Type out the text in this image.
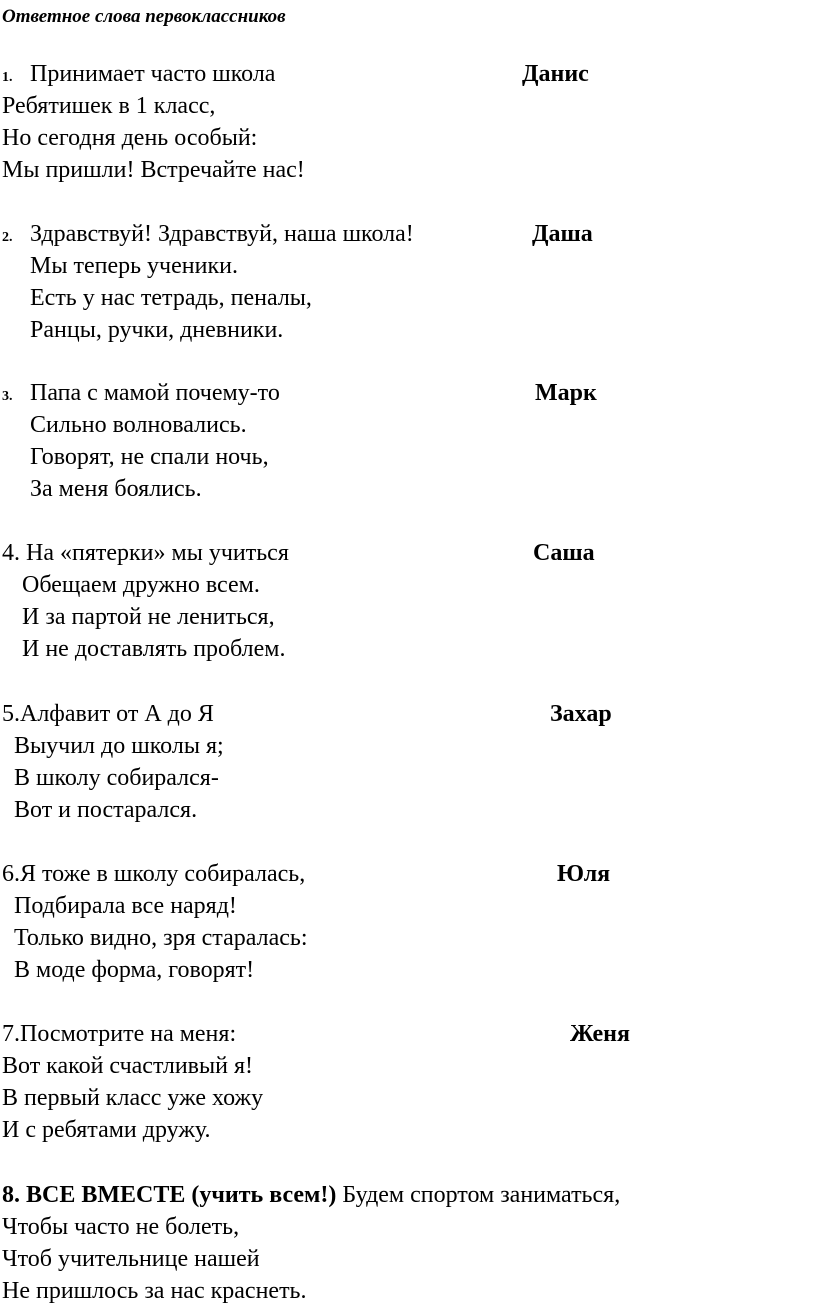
Ответное слова первоклассников
1. Принимает часто школа	Данис
Ребятишек в 1 класс,
Но сегодня день особый:
Мы пришли! Встречайте нас!
2. Здравствуй! Здравствуй, наша школа!	Даша
Мы теперь ученики.
Есть у нас тетрадь, пеналы,
Ранцы, ручки, дневники.
3. Папа с мамой почему-то	Марк
Сильно волновались.
Говорят, не спали ночь,
За меня боялись.
4. На «пятерки» мы учиться	Саша
Обещаем дружно всем.
И за партой не лениться,
И не доставлять проблем.
5.Алфавит от А до Я	Захар
Выучил до школы я;
В школу собирался-
Вот и постарался.
6.Я тоже в школу собиралась,	Юля
Подбирала все наряд!
Только видно, зря старалась:
В моде форма, говорят!
7.Посмотрите на меня:	Женя
Вот какой счастливый я!
В первый класс уже хожу
И с ребятами дружу.
8. ВСЕ ВМЕСТЕ (учить всем!) Будем спортом заниматься,
Чтобы часто не болеть,
Чтоб учительнице нашей
Не пришлось за нас краснеть.
